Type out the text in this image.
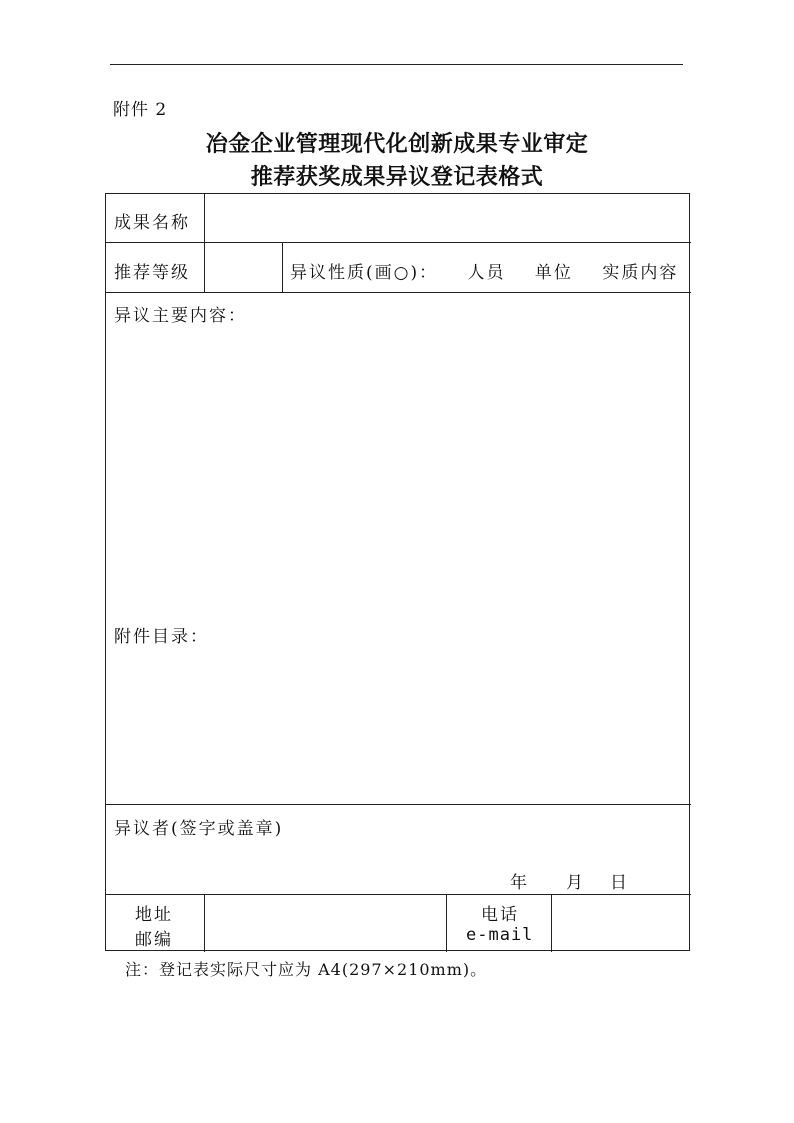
附件 2
冶金企业管理现代化创新成果专业审定
推荐获奖成果异议登记表格式
成果名称
推荐等级	异议性质(画○)： 人员 单位 实质内容
异议主要内容：
附件目录：
异议者(签字或盖章)
年 月 日
地址
邮编
电话
e-mail
注：登记表实际尺寸应为 A4(297×210mm)。
